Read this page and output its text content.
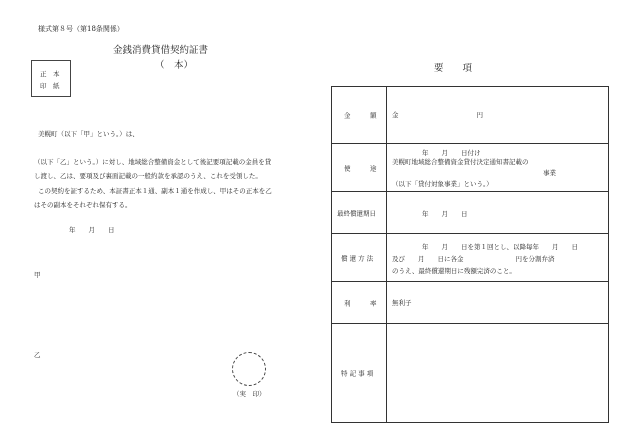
様式第８号（第18条関係）
金銭消費貸借契約証書
（　本）
正　本
印　紙
美幌町（以下「甲」という。）は、
（以下「乙」という。）に対し、地域総合整備資金として後記要項記載の金員を貸
し渡し、乙は、要項及び裏面記載の一般約款を承認のうえ、これを受領した。
この契約を証するため、本証書正本１通、副本１通を作成し、甲はその正本を乙
はその副本をそれぞれ保有する。
年　　月　　日
甲
乙
（実　印）
要　　項
金　　　額 金　　　　　　　　　　　　円
使　　　途
年　　月　　日付け
美幌町地域総合整備資金貸付決定通知書記載の
事業
（以下「貸付対象事業」という。）
最終償還期日	年　　月　　日
償 還 方 法
年　　月　　日を第１回とし、以降毎年　　月　　日
及び　　月　　日に各金　　　　　　　　円を分割弁済
のうえ、最終償還期日に残額完済のこと。
利　　　率 無利子
特 記 事 項
